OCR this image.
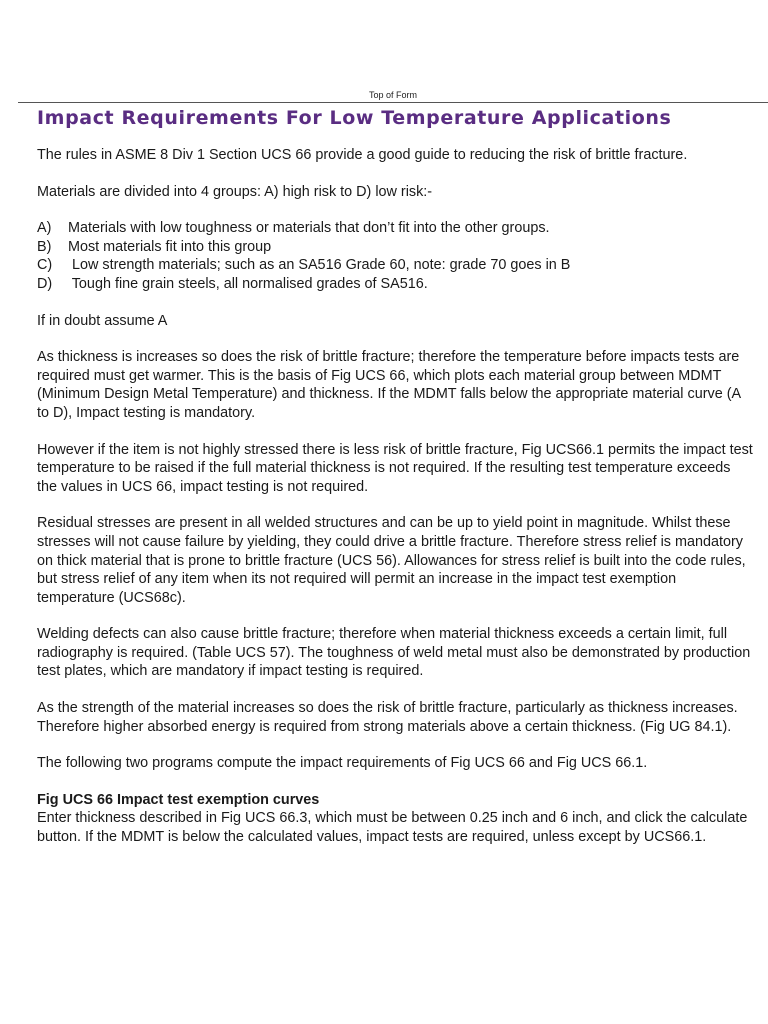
Top of Form
Impact Requirements For Low Temperature Applications

The rules in ASME 8 Div 1 Section UCS 66 provide a good guide to reducing the risk of brittle fracture.

Materials are divided into 4 groups: A) high risk to D) low risk:-

A)	Materials with low toughness or materials that don’t fit into the other groups.
B)	Most materials fit into this group
C)	Low strength materials; such as an SA516 Grade 60, note: grade 70 goes in B
D)	Tough fine grain steels, all normalised grades of SA516.

If in doubt assume A

As thickness is increases so does the risk of brittle fracture; therefore the temperature before impacts tests are required must get warmer. This is the basis of Fig UCS 66, which plots each material group between MDMT (Minimum Design Metal Temperature) and thickness. If the MDMT falls below the appropriate material curve (A to D), Impact testing is mandatory.

However if the item is not highly stressed there is less risk of brittle fracture, Fig UCS66.1 permits the impact test temperature to be raised if the full material thickness is not required. If the resulting test temperature exceeds the values in UCS 66, impact testing is not required.

Residual stresses are present in all welded structures and can be up to yield point in magnitude. Whilst these stresses will not cause failure by yielding, they could drive a brittle fracture. Therefore stress relief is mandatory on thick material that is prone to brittle fracture (UCS 56). Allowances for stress relief is built into the code rules, but stress relief of any item when its not required will permit an increase in the impact test exemption temperature (UCS68c).

Welding defects can also cause brittle fracture; therefore when material thickness exceeds a certain limit, full radiography is required. (Table UCS 57). The toughness of weld metal must also be demonstrated by production test plates, which are mandatory if impact testing is required.

As the strength of the material increases so does the risk of brittle fracture, particularly as thickness increases. Therefore higher absorbed energy is required from strong materials above a certain thickness. (Fig UG 84.1).

The following two programs compute the impact requirements of Fig UCS 66 and Fig UCS 66.1.

Fig UCS 66 Impact test exemption curves

Enter thickness described in Fig UCS 66.3, which must be between 0.25 inch and 6 inch, and click the calculate button. If the MDMT is below the calculated values, impact tests are required, unless except by UCS66.1.
